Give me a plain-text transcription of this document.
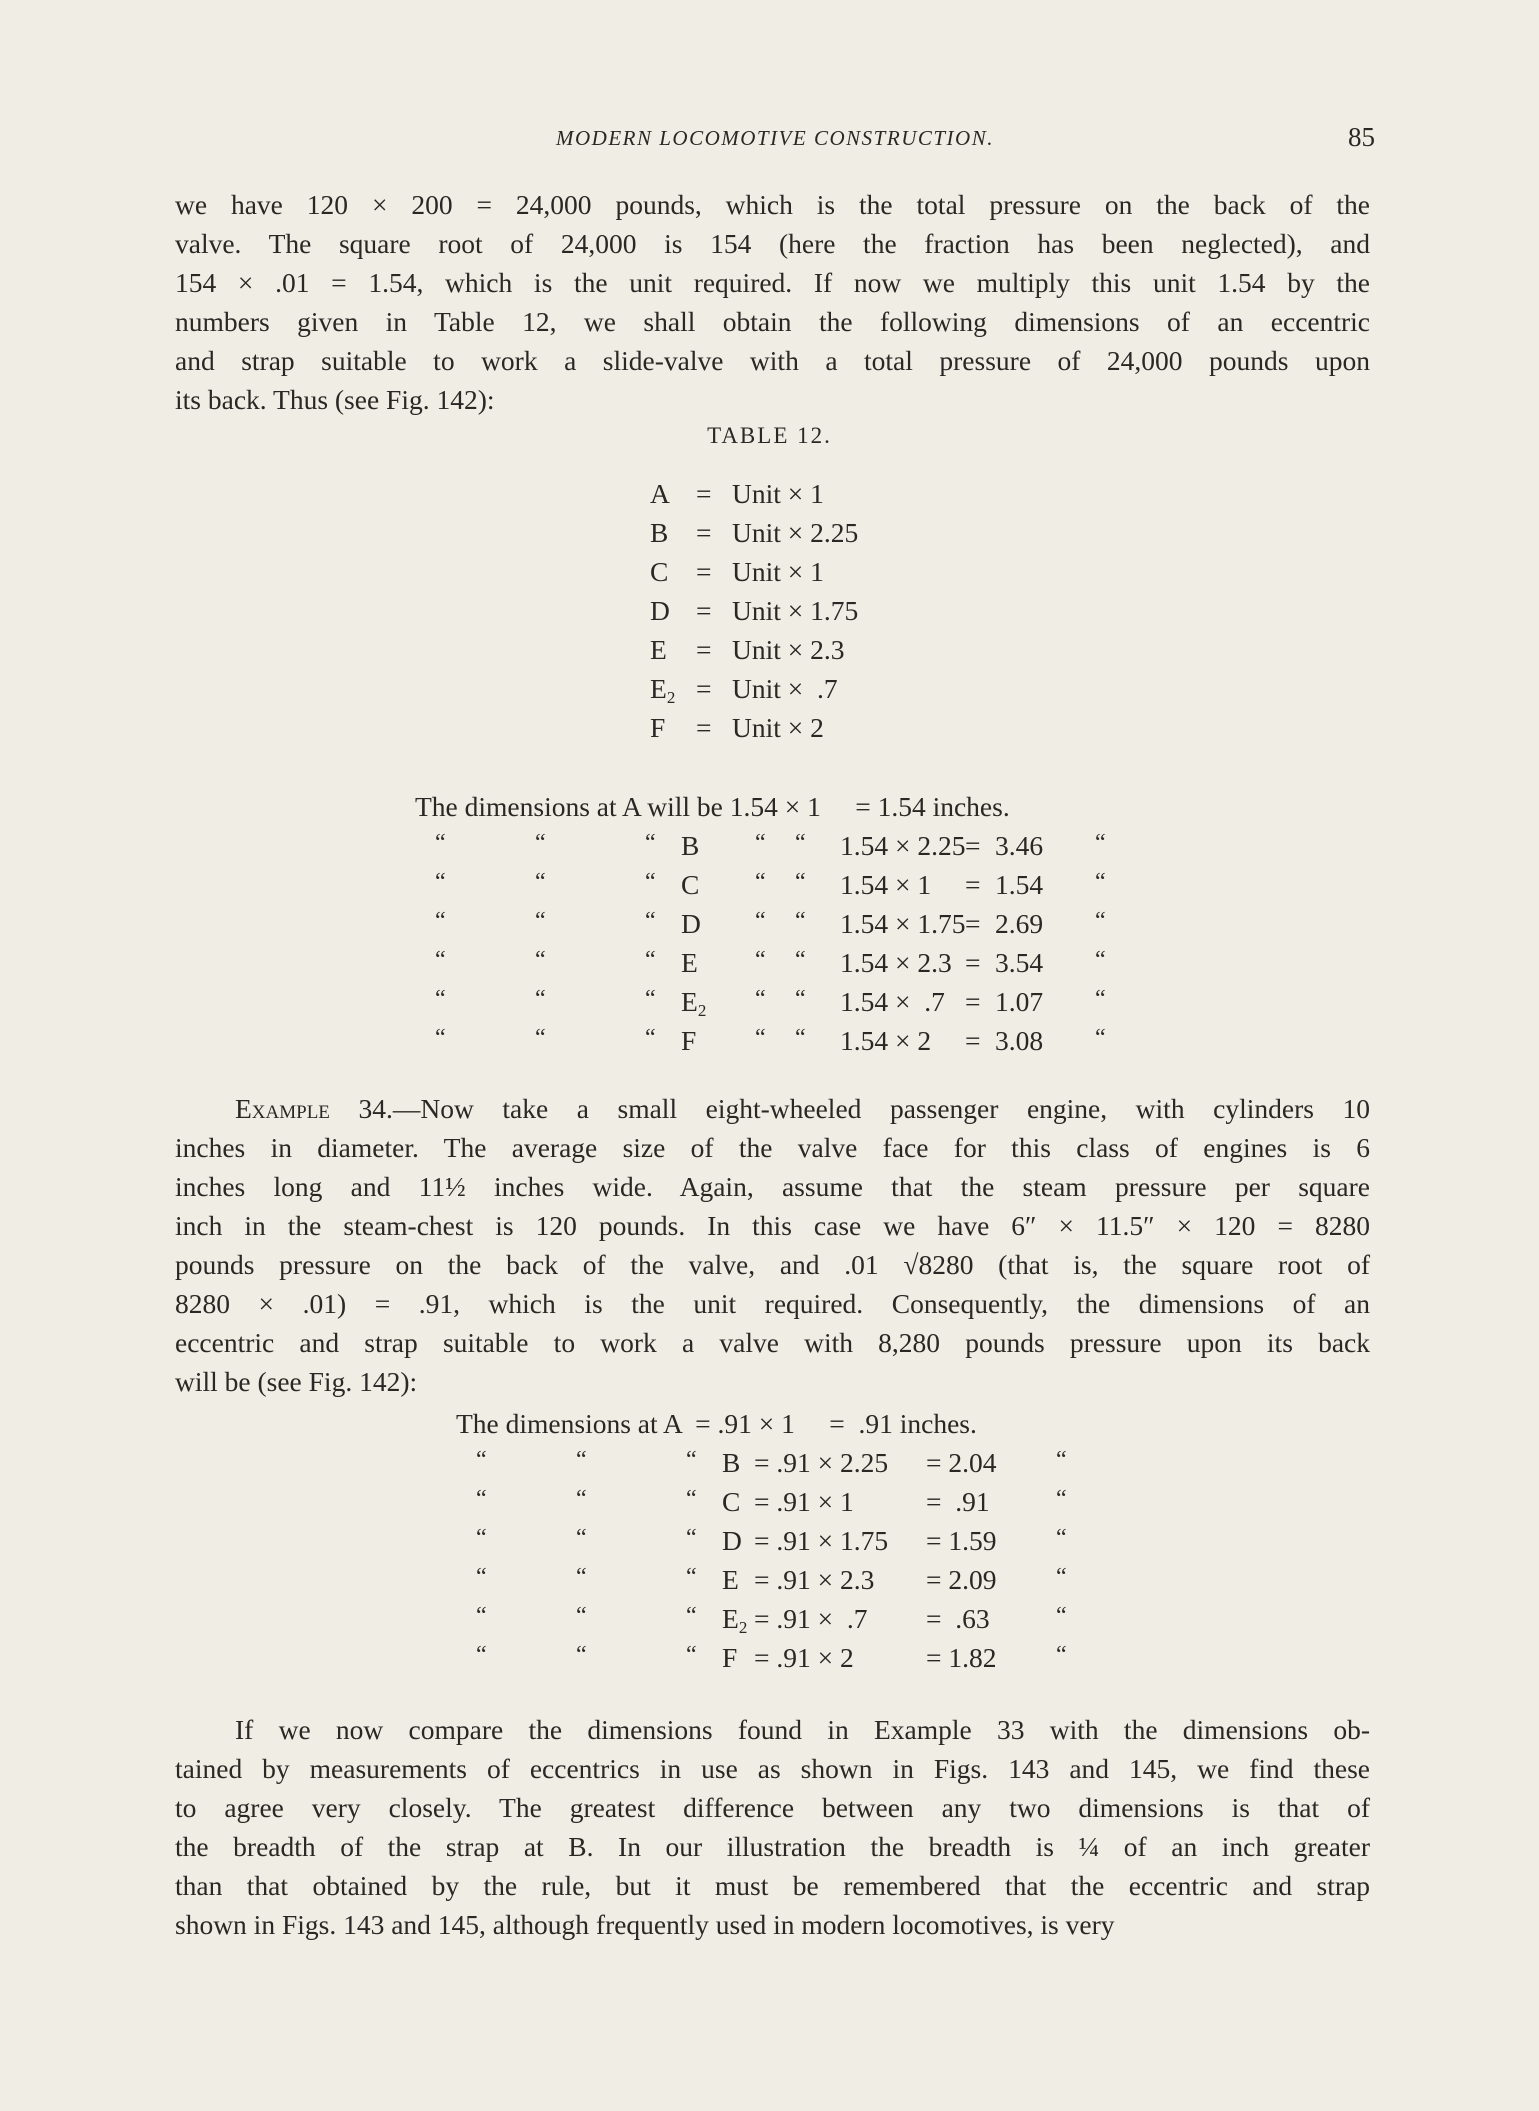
MODERN LOCOMOTIVE CONSTRUCTION.	85
we have 120 × 200 = 24,000 pounds, which is the total pressure on the back of the
valve. The square root of 24,000 is 154 (here the fraction has been neglected), and
154 × .01 = 1.54, which is the unit required. If now we multiply this unit 1.54 by the
numbers given in Table 12, we shall obtain the following dimensions of an eccentric
and strap suitable to work a slide-valve with a total pressure of 24,000 pounds upon
its back. Thus (see Fig. 142):
TABLE 12.
A = Unit × 1
B = Unit × 2.25
C = Unit × 1
D = Unit × 1.75
E = Unit × 2.3
$E_2$ = Unit ×  .7
F = Unit × 2
The dimensions at A will be 1.54 × 1     = 1.54 inches.
“	“	“ B “ “ 1.54 × 2.25 = 3.46 “
“	“	“ C “ “ 1.54 × 1 = 1.54 “
“	“	“ D “ “ 1.54 × 1.75 = 2.69 “
“	“	“ E “ “ 1.54 × 2.3 = 3.54 “
“	“	“ $E_2$ “ “ 1.54 ×  .7 = 1.07 “
“	“	“ F “ “ 1.54 × 2 = 3.08 “
Example 34.—Now take a small eight-wheeled passenger engine, with cylinders 10
inches in diameter. The average size of the valve face for this class of engines is 6
inches long and 11½ inches wide. Again, assume that the steam pressure per square
inch in the steam-chest is 120 pounds. In this case we have 6″ × 11.5″ × 120 = 8280
pounds pressure on the back of the valve, and .01 √8280 (that is, the square root of
8280 × .01) = .91, which is the unit required. Consequently, the dimensions of an
eccentric and strap suitable to work a valve with 8,280 pounds pressure upon its back
will be (see Fig. 142):
The dimensions at A  = .91 × 1     =  .91 inches.
“	“	“ B = .91 × 2.25 = 2.04 “
“	“	“ C = .91 × 1	=  .91	“
“	“	“ D = .91 × 1.75 = 1.59 “
“	“	“ E = .91 × 2.3 = 2.09 “
“	“	“ $E_2 = .91 \times .7 = .63$	“
“	“	“ F = .91 × 2	= 1.82 “
If we now compare the dimensions found in Example 33 with the dimensions ob-
tained by measurements of eccentrics in use as shown in Figs. 143 and 145, we find these
to agree very closely. The greatest difference between any two dimensions is that of
the breadth of the strap at B. In our illustration the breadth is ¼ of an inch greater
than that obtained by the rule, but it must be remembered that the eccentric and strap
shown in Figs. 143 and 145, although frequently used in modern locomotives, is very
